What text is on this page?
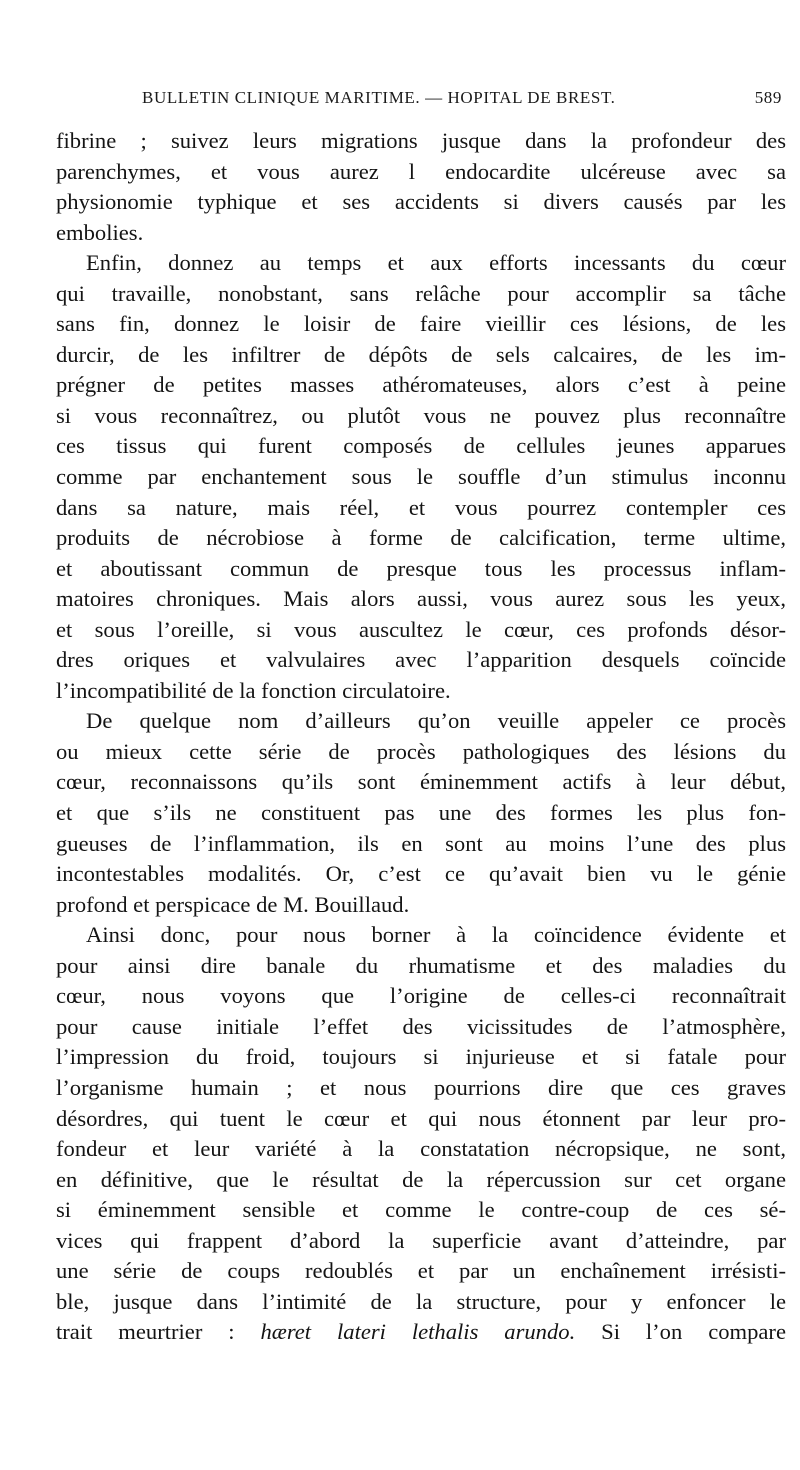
BULLETIN CLINIQUE MARITIME. — HOPITAL DE BREST.	589
fibrine ; suivez leurs migrations jusque dans la profondeur des
parenchymes, et vous aurez l endocardite ulcéreuse avec sa
physionomie typhique et ses accidents si divers causés par les
embolies.
Enfin, donnez au temps et aux efforts incessants du cœur
qui travaille, nonobstant, sans relâche pour accomplir sa tâche
sans fin, donnez le loisir de faire vieillir ces lésions, de les
durcir, de les infiltrer de dépôts de sels calcaires, de les im-
prégner de petites masses athéromateuses, alors c’est à peine
si vous reconnaîtrez, ou plutôt vous ne pouvez plus reconnaître
ces tissus qui furent composés de cellules jeunes apparues
comme par enchantement sous le souffle d’un stimulus inconnu
dans sa nature, mais réel, et vous pourrez contempler ces
produits de nécrobiose à forme de calcification, terme ultime,
et aboutissant commun de presque tous les processus inflam-
matoires chroniques. Mais alors aussi, vous aurez sous les yeux,
et sous l’oreille, si vous auscultez le cœur, ces profonds désor-
dres oriques et valvulaires avec l’apparition desquels coïncide
l’incompatibilité de la fonction circulatoire.
De quelque nom d’ailleurs qu’on veuille appeler ce procès
ou mieux cette série de procès pathologiques des lésions du
cœur, reconnaissons qu’ils sont éminemment actifs à leur début,
et que s’ils ne constituent pas une des formes les plus fon-
gueuses de l’inflammation, ils en sont au moins l’une des plus
incontestables modalités. Or, c’est ce qu’avait bien vu le génie
profond et perspicace de M. Bouillaud.
Ainsi donc, pour nous borner à la coïncidence évidente et
pour ainsi dire banale du rhumatisme et des maladies du
cœur, nous voyons que l’origine de celles-ci reconnaîtrait
pour cause initiale l’effet des vicissitudes de l’atmosphère,
l’impression du froid, toujours si injurieuse et si fatale pour
l’organisme humain ; et nous pourrions dire que ces graves
désordres, qui tuent le cœur et qui nous étonnent par leur pro-
fondeur et leur variété à la constatation nécropsique, ne sont,
en définitive, que le résultat de la répercussion sur cet organe
si éminemment sensible et comme le contre-coup de ces sé-
vices qui frappent d’abord la superficie avant d’atteindre, par
une série de coups redoublés et par un enchaînement irrésisti-
ble, jusque dans l’intimité de la structure, pour y enfoncer le
trait meurtrier : hæret lateri lethalis arundo. Si l’on compare
